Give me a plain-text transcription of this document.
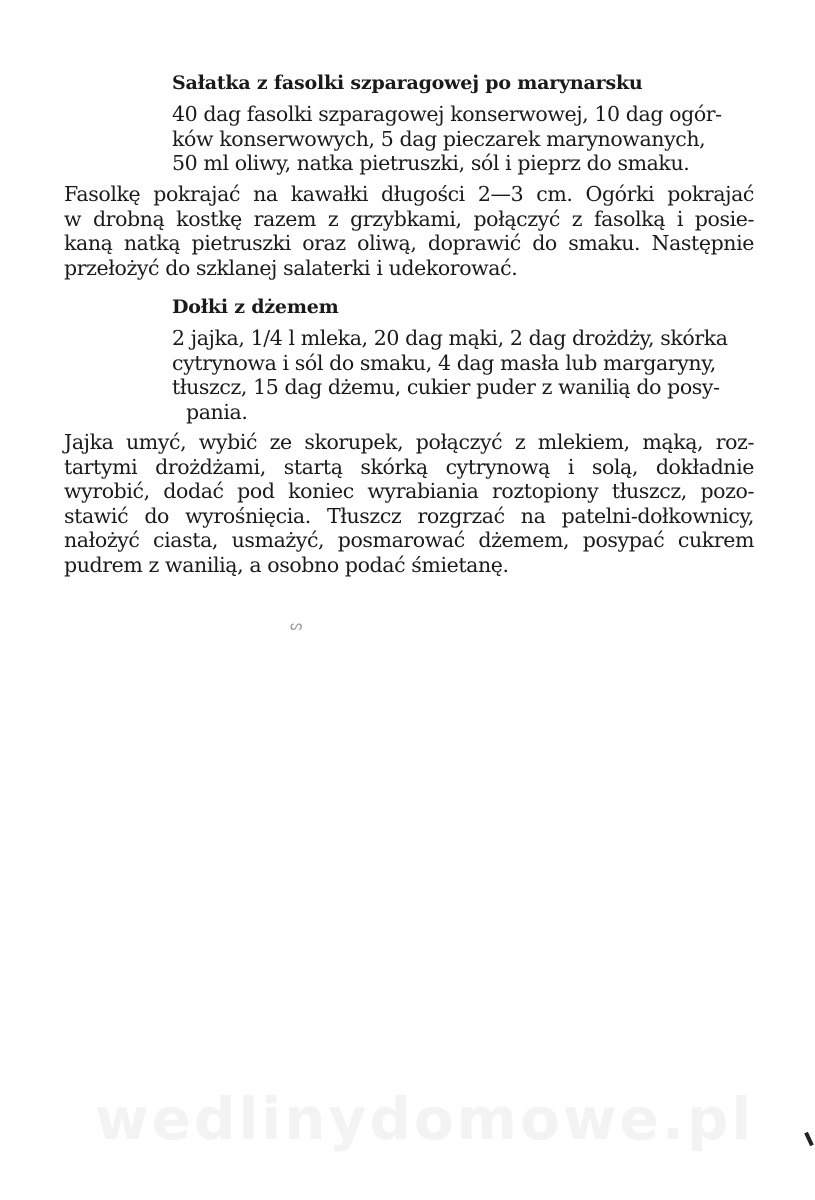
Sałatka z fasolki szparagowej po marynarsku
40 dag fasolki szparagowej konserwowej, 10 dag ogór-
ków konserwowych, 5 dag pieczarek marynowanych,
50 ml oliwy, natka pietruszki, sól i pieprz do smaku.
Fasolkę pokrajać na kawałki długości 2—3 cm. Ogórki pokrajać
w drobną kostkę razem z grzybkami, połączyć z fasolką i posie-
kaną natką pietruszki oraz oliwą, doprawić do smaku. Następnie
przełożyć do szklanej salaterki i udekorować.
Dołki z dżemem
2 jajka, 1/4 l mleka, 20 dag mąki, 2 dag drożdży, skórka
cytrynowa i sól do smaku, 4 dag masła lub margaryny,
tłuszcz, 15 dag dżemu, cukier puder z wanilią do posy-
pania.
Jajka umyć, wybić ze skorupek, połączyć z mlekiem, mąką, roz-
tartymi drożdżami, startą skórką cytrynową i solą, dokładnie
wyrobić, dodać pod koniec wyrabiania roztopiony tłuszcz, pozo-
stawić do wyrośnięcia. Tłuszcz rozgrzać na patelni-dołkownicy,
nałożyć ciasta, usmażyć, posmarować dżemem, posypać cukrem
pudrem z wanilią, a osobno podać śmietanę.
ᔕ
wedlinydomowe.pl
